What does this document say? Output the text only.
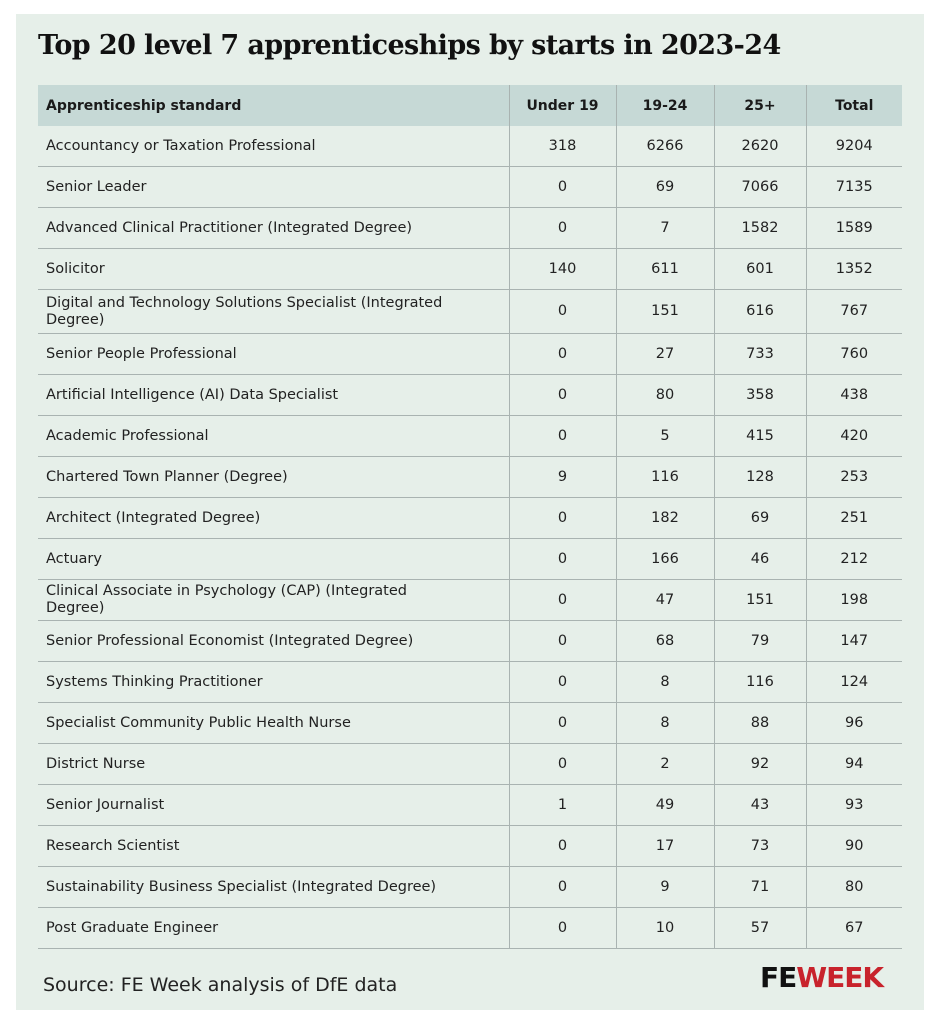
Top 20 level 7 apprenticeships by starts in 2023-24
Apprenticeship standard	Under 19	19-24	25+	Total
Accountancy or Taxation Professional	318	6266	2620	9204
Senior Leader	0	69	7066	7135
Advanced Clinical Practitioner (Integrated Degree)	0	7	1582	1589
Solicitor	140	611	601	1352
Digital and Technology Solutions Specialist (Integrated Degree)	0	151	616	767
Senior People Professional	0	27	733	760
Artificial Intelligence (AI) Data Specialist	0	80	358	438
Academic Professional	0	5	415	420
Chartered Town Planner (Degree)	9	116	128	253
Architect (Integrated Degree)	0	182	69	251
Actuary	0	166	46	212
Clinical Associate in Psychology (CAP) (Integrated Degree)	0	47	151	198
Senior Professional Economist (Integrated Degree)	0	68	79	147
Systems Thinking Practitioner	0	8	116	124
Specialist Community Public Health Nurse	0	8	88	96
District Nurse	0	2	92	94
Senior Journalist	1	49	43	93
Research Scientist	0	17	73	90
Sustainability Business Specialist (Integrated Degree)	0	9	71	80
Post Graduate Engineer	0	10	57	67
Source: FE Week analysis of DfE data	FEWEEK
